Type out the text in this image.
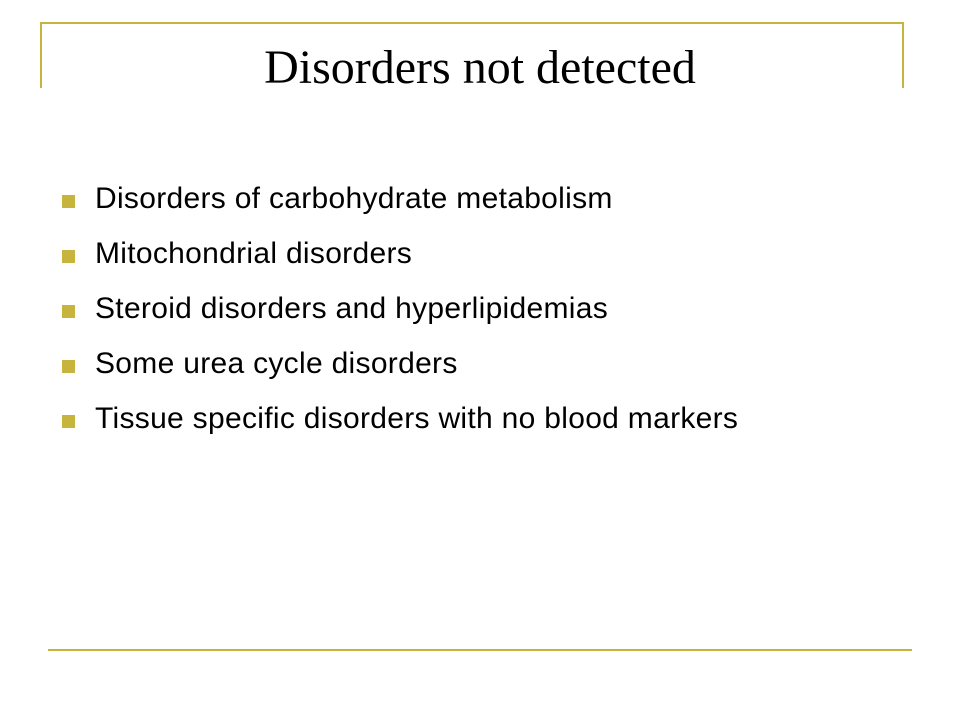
Disorders not detected
Disorders of carbohydrate metabolism
Mitochondrial disorders
Steroid disorders and hyperlipidemias
Some urea cycle disorders
Tissue specific disorders with no blood markers
